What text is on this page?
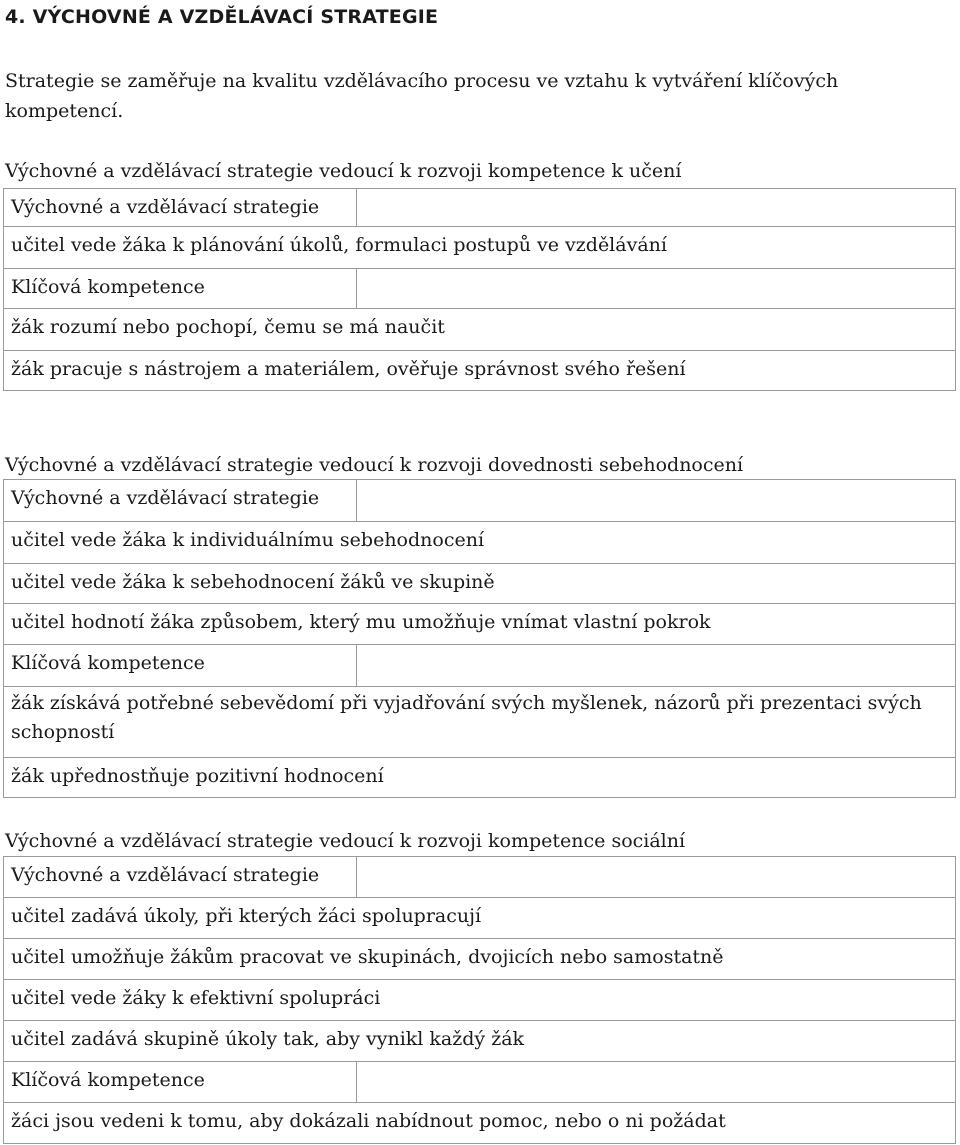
4. VÝCHOVNÉ A VZDĚLÁVACÍ STRATEGIE

Strategie se zaměřuje na kvalitu vzdělávacího procesu ve vztahu k vytváření klíčových kompetencí.

Výchovné a vzdělávací strategie vedoucí k rozvoji kompetence k učení
Výchovné a vzdělávací strategie
učitel vede žáka k plánování úkolů, formulaci postupů ve vzdělávání
Klíčová kompetence
žák rozumí nebo pochopí, čemu se má naučit
žák pracuje s nástrojem a materiálem, ověřuje správnost svého řešení
Výchovné a vzdělávací strategie vedoucí k rozvoji dovednosti sebehodnocení
Výchovné a vzdělávací strategie
učitel vede žáka k individuálnímu sebehodnocení
učitel vede žáka k sebehodnocení žáků ve skupině
učitel hodnotí žáka způsobem, který mu umožňuje vnímat vlastní pokrok
Klíčová kompetence
žák získává potřebné sebevědomí při vyjadřování svých myšlenek, názorů při prezentaci svých schopností
žák upřednostňuje pozitivní hodnocení
Výchovné a vzdělávací strategie vedoucí k rozvoji kompetence sociální
Výchovné a vzdělávací strategie
učitel zadává úkoly, při kterých žáci spolupracují
učitel umožňuje žákům pracovat ve skupinách, dvojicích nebo samostatně
učitel vede žáky k efektivní spolupráci
učitel zadává skupině úkoly tak, aby vynikl každý žák
Klíčová kompetence
žáci jsou vedeni k tomu, aby dokázali nabídnout pomoc, nebo o ni požádat
